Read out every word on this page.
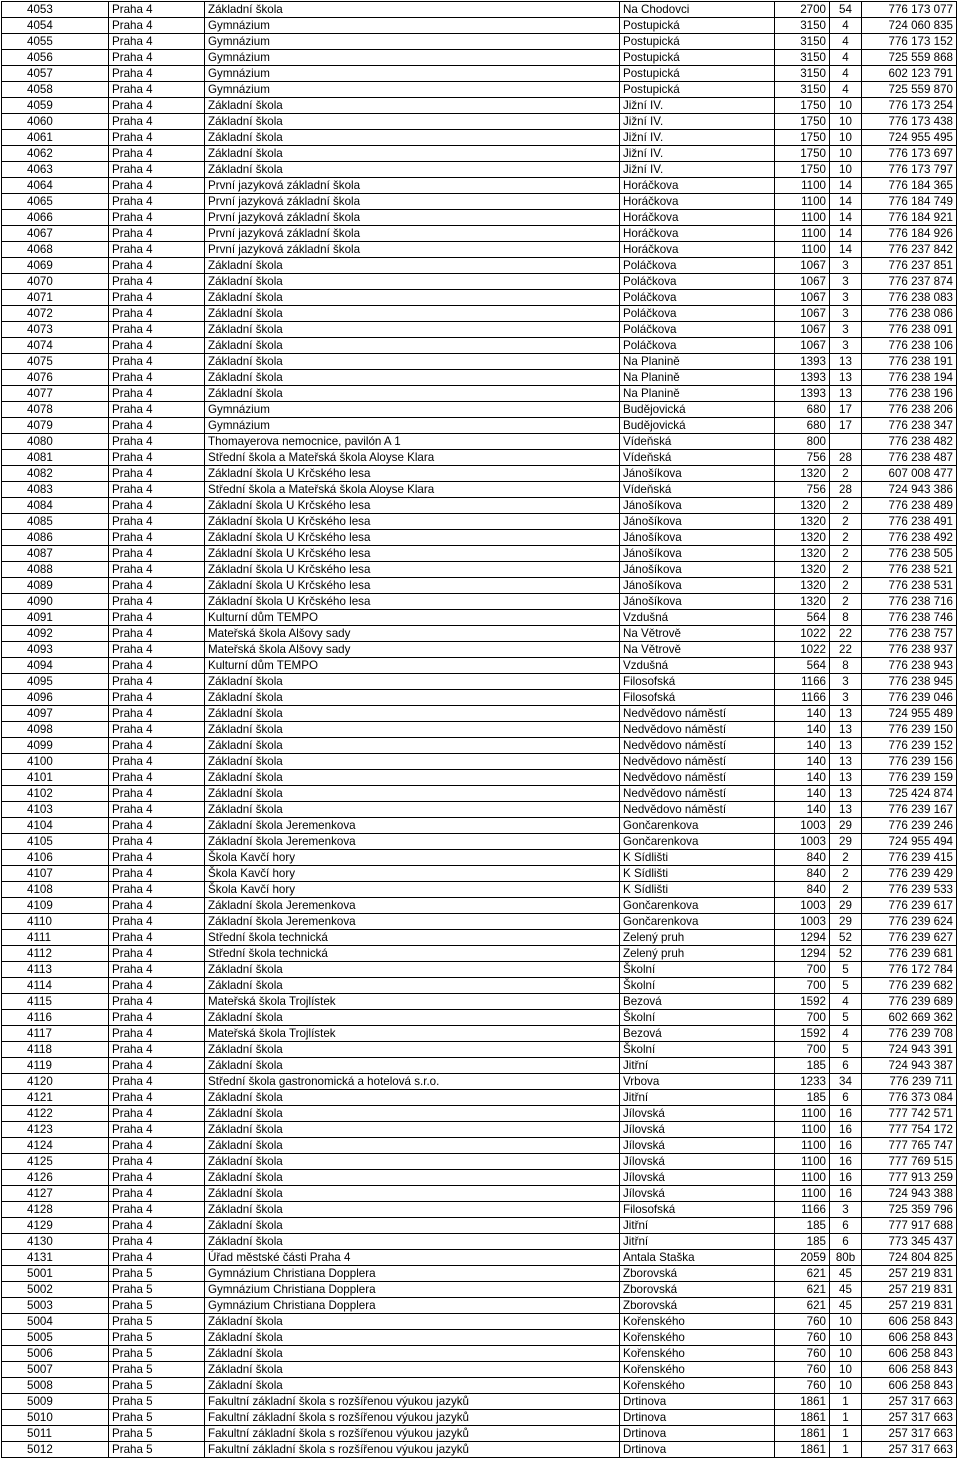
4053	Praha 4	Základní škola	Na Chodovci	2700	54	776 173 077
4054	Praha 4	Gymnázium	Postupická	3150	4	724 060 835
4055	Praha 4	Gymnázium	Postupická	3150	4	776 173 152
4056	Praha 4	Gymnázium	Postupická	3150	4	725 559 868
4057	Praha 4	Gymnázium	Postupická	3150	4	602 123 791
4058	Praha 4	Gymnázium	Postupická	3150	4	725 559 870
4059	Praha 4	Základní škola	Jižní IV.	1750	10	776 173 254
4060	Praha 4	Základní škola	Jižní IV.	1750	10	776 173 438
4061	Praha 4	Základní škola	Jižní IV.	1750	10	724 955 495
4062	Praha 4	Základní škola	Jižní IV.	1750	10	776 173 697
4063	Praha 4	Základní škola	Jižní IV.	1750	10	776 173 797
4064	Praha 4	První jazyková základní škola	Horáčkova	1100	14	776 184 365
4065	Praha 4	První jazyková základní škola	Horáčkova	1100	14	776 184 749
4066	Praha 4	První jazyková základní škola	Horáčkova	1100	14	776 184 921
4067	Praha 4	První jazyková základní škola	Horáčkova	1100	14	776 184 926
4068	Praha 4	První jazyková základní škola	Horáčkova	1100	14	776 237 842
4069	Praha 4	Základní škola	Poláčkova	1067	3	776 237 851
4070	Praha 4	Základní škola	Poláčkova	1067	3	776 237 874
4071	Praha 4	Základní škola	Poláčkova	1067	3	776 238 083
4072	Praha 4	Základní škola	Poláčkova	1067	3	776 238 086
4073	Praha 4	Základní škola	Poláčkova	1067	3	776 238 091
4074	Praha 4	Základní škola	Poláčkova	1067	3	776 238 106
4075	Praha 4	Základní škola	Na Planině	1393	13	776 238 191
4076	Praha 4	Základní škola	Na Planině	1393	13	776 238 194
4077	Praha 4	Základní škola	Na Planině	1393	13	776 238 196
4078	Praha 4	Gymnázium	Budějovická	680	17	776 238 206
4079	Praha 4	Gymnázium	Budějovická	680	17	776 238 347
4080	Praha 4	Thomayerova nemocnice, pavilón A 1	Vídeňská	800		776 238 482
4081	Praha 4	Střední škola a Mateřská škola Aloyse Klara	Vídeňská	756	28	776 238 487
4082	Praha 4	Základní škola U Krčského lesa	Jánošíkova	1320	2	607 008 477
4083	Praha 4	Střední škola a Mateřská škola Aloyse Klara	Vídeňská	756	28	724 943 386
4084	Praha 4	Základní škola U Krčského lesa	Jánošíkova	1320	2	776 238 489
4085	Praha 4	Základní škola U Krčského lesa	Jánošíkova	1320	2	776 238 491
4086	Praha 4	Základní škola U Krčského lesa	Jánošíkova	1320	2	776 238 492
4087	Praha 4	Základní škola U Krčského lesa	Jánošíkova	1320	2	776 238 505
4088	Praha 4	Základní škola U Krčského lesa	Jánošíkova	1320	2	776 238 521
4089	Praha 4	Základní škola U Krčského lesa	Jánošíkova	1320	2	776 238 531
4090	Praha 4	Základní škola U Krčského lesa	Jánošíkova	1320	2	776 238 716
4091	Praha 4	Kulturní dům TEMPO	Vzdušná	564	8	776 238 746
4092	Praha 4	Mateřská škola Alšovy sady	Na Větrově	1022	22	776 238 757
4093	Praha 4	Mateřská škola Alšovy sady	Na Větrově	1022	22	776 238 937
4094	Praha 4	Kulturní dům TEMPO	Vzdušná	564	8	776 238 943
4095	Praha 4	Základní škola	Filosofská	1166	3	776 238 945
4096	Praha 4	Základní škola	Filosofská	1166	3	776 239 046
4097	Praha 4	Základní škola	Nedvědovo náměstí	140	13	724 955 489
4098	Praha 4	Základní škola	Nedvědovo náměstí	140	13	776 239 150
4099	Praha 4	Základní škola	Nedvědovo náměstí	140	13	776 239 152
4100	Praha 4	Základní škola	Nedvědovo náměstí	140	13	776 239 156
4101	Praha 4	Základní škola	Nedvědovo náměstí	140	13	776 239 159
4102	Praha 4	Základní škola	Nedvědovo náměstí	140	13	725 424 874
4103	Praha 4	Základní škola	Nedvědovo náměstí	140	13	776 239 167
4104	Praha 4	Základní škola Jeremenkova	Gončarenkova	1003	29	776 239 246
4105	Praha 4	Základní škola Jeremenkova	Gončarenkova	1003	29	724 955 494
4106	Praha 4	Škola Kavčí hory	K Sídlišti	840	2	776 239 415
4107	Praha 4	Škola Kavčí hory	K Sídlišti	840	2	776 239 429
4108	Praha 4	Škola Kavčí hory	K Sídlišti	840	2	776 239 533
4109	Praha 4	Základní škola Jeremenkova	Gončarenkova	1003	29	776 239 617
4110	Praha 4	Základní škola Jeremenkova	Gončarenkova	1003	29	776 239 624
4111	Praha 4	Střední škola technická	Zelený pruh	1294	52	776 239 627
4112	Praha 4	Střední škola technická	Zelený pruh	1294	52	776 239 681
4113	Praha 4	Základní škola	Školní	700	5	776 172 784
4114	Praha 4	Základní škola	Školní	700	5	776 239 682
4115	Praha 4	Mateřská škola Trojlístek	Bezová	1592	4	776 239 689
4116	Praha 4	Základní škola	Školní	700	5	602 669 362
4117	Praha 4	Mateřská škola Trojlístek	Bezová	1592	4	776 239 708
4118	Praha 4	Základní škola	Školní	700	5	724 943 391
4119	Praha 4	Základní škola	Jitřní	185	6	724 943 387
4120	Praha 4	Střední škola gastronomická a hotelová s.r.o.	Vrbova	1233	34	776 239 711
4121	Praha 4	Základní škola	Jitřní	185	6	776 373 084
4122	Praha 4	Základní škola	Jílovská	1100	16	777 742 571
4123	Praha 4	Základní škola	Jílovská	1100	16	777 754 172
4124	Praha 4	Základní škola	Jílovská	1100	16	777 765 747
4125	Praha 4	Základní škola	Jílovská	1100	16	777 769 515
4126	Praha 4	Základní škola	Jílovská	1100	16	777 913 259
4127	Praha 4	Základní škola	Jílovská	1100	16	724 943 388
4128	Praha 4	Základní škola	Filosofská	1166	3	725 359 796
4129	Praha 4	Základní škola	Jitřní	185	6	777 917 688
4130	Praha 4	Základní škola	Jitřní	185	6	773 345 437
4131	Praha 4	Úřad městské části Praha 4	Antala Staška	2059	80b	724 804 825
5001	Praha 5	Gymnázium Christiana Dopplera	Zborovská	621	45	257 219 831
5002	Praha 5	Gymnázium Christiana Dopplera	Zborovská	621	45	257 219 831
5003	Praha 5	Gymnázium Christiana Dopplera	Zborovská	621	45	257 219 831
5004	Praha 5	Základní škola	Kořenského	760	10	606 258 843
5005	Praha 5	Základní škola	Kořenského	760	10	606 258 843
5006	Praha 5	Základní škola	Kořenského	760	10	606 258 843
5007	Praha 5	Základní škola	Kořenského	760	10	606 258 843
5008	Praha 5	Základní škola	Kořenského	760	10	606 258 843
5009	Praha 5	Fakultní základní škola s rozšířenou výukou jazyků	Drtinova	1861	1	257 317 663
5010	Praha 5	Fakultní základní škola s rozšířenou výukou jazyků	Drtinova	1861	1	257 317 663
5011	Praha 5	Fakultní základní škola s rozšířenou výukou jazyků	Drtinova	1861	1	257 317 663
5012	Praha 5	Fakultní základní škola s rozšířenou výukou jazyků	Drtinova	1861	1	257 317 663
